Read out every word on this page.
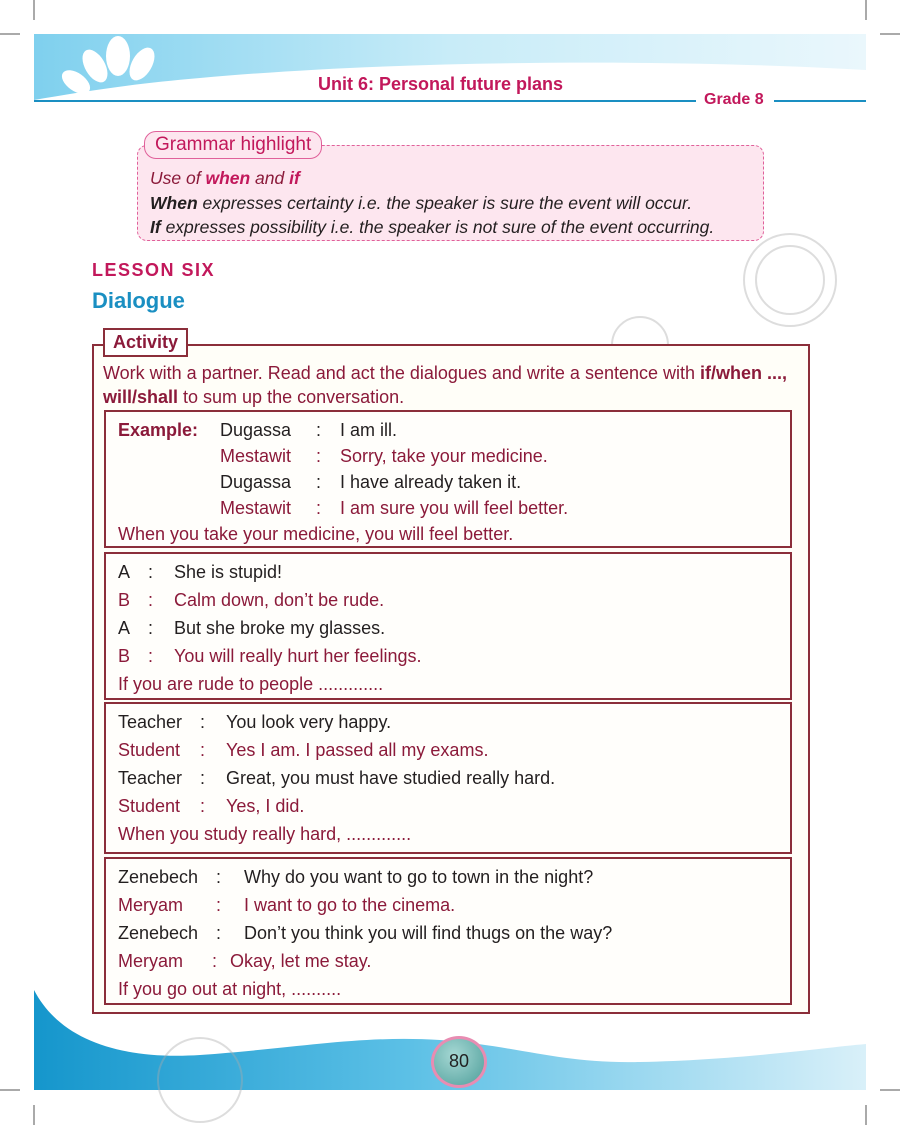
Unit 6: Personal future plans
Grade 8
Grammar highlight
Use of when and if
When expresses certainty i.e. the speaker is sure the event will occur.
If expresses possibility i.e. the speaker is not sure of the event occurring.
LESSON SIX
Dialogue
Activity
Work with a partner. Read and act the dialogues and write a sentence with if/when ..., will/shall to sum up the conversation.
Example: Dugassa : I am ill.
Mestawit : Sorry, take your medicine.
Dugassa : I have already taken it.
Mestawit : I am sure you will feel better.
When you take your medicine, you will feel better.
A : She is stupid!
B : Calm down, don’t be rude.
A : But she broke my glasses.
B : You will really hurt her feelings.
If you are rude to people .............
Teacher : You look very happy.
Student : Yes I am. I passed all my exams.
Teacher : Great, you must have studied really hard.
Student : Yes, I did.
When you study really hard, .............
Zenebech : Why do you want to go to town in the night?
Meryam : I want to go to the cinema.
Zenebech : Don’t you think you will find thugs on the way?
Meryam : Okay, let me stay.
If you go out at night, ..........
80
